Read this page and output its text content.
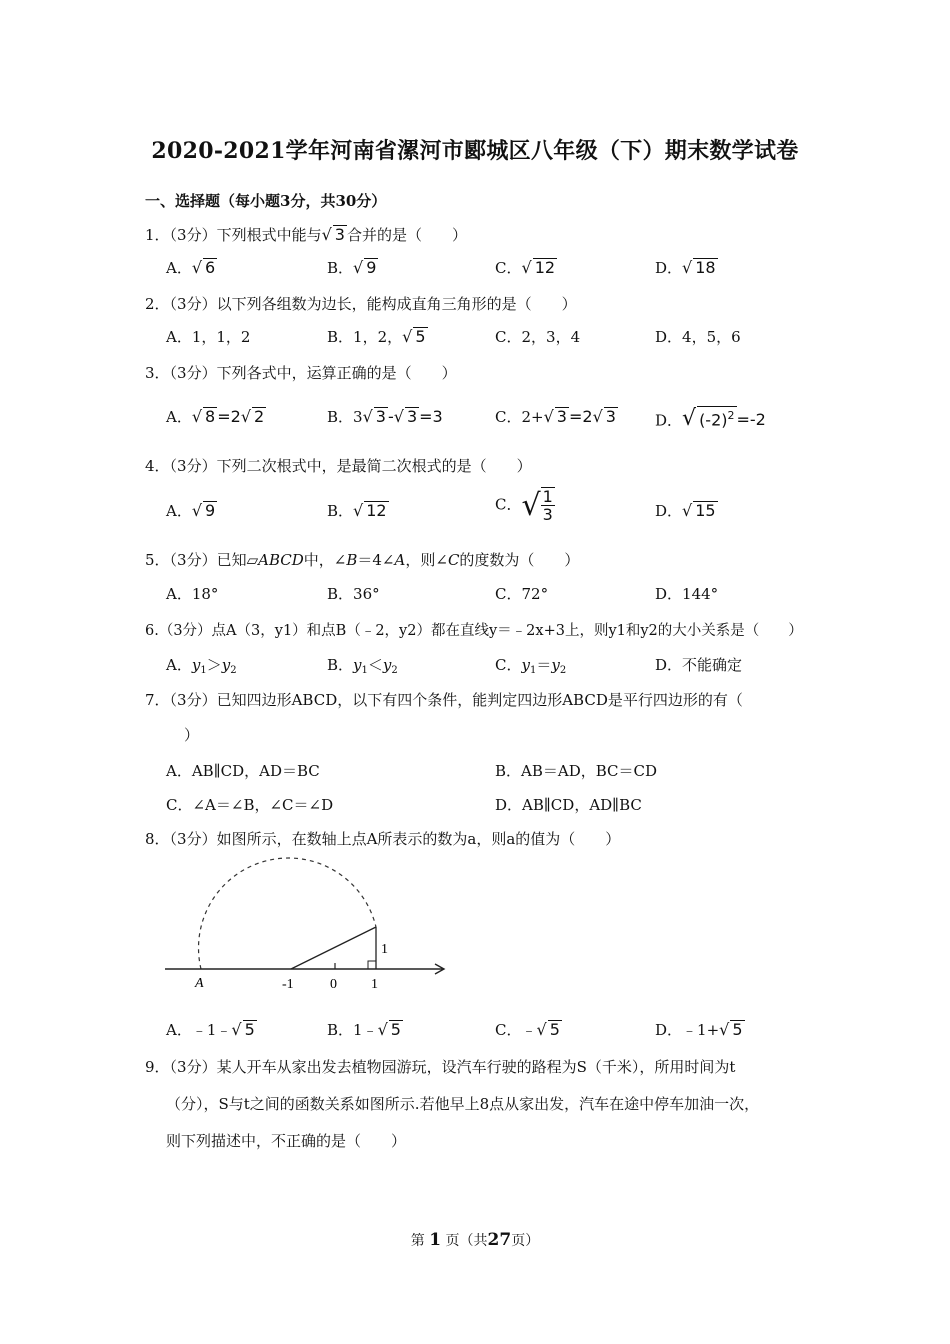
2020-2021学年河南省漯河市郾城区八年级（下）期末数学试卷
一、选择题（每小题3分，共30分）
1．（3分）下列根式中能与√ 3 合并的是（　　）
A．√ 6	B．√ 9	C．√ 12	D．√ 18
2．（3分）以下列各组数为边长，能构成直角三角形的是（　　）
A．1，1，2	B．1，2，√ 5	C．2，3，4	D．4，5，6
3．（3分）下列各式中，运算正确的是（　　）
A．√ 8 =2√ 2	B．3√ 3 -√ 3 =3	C．2+√ 3 =2√ 3	D．√ $(-2)^2 =-2$
4．（3分）下列二次根式中，是最简二次根式的是（　　）
A．√ 9	B．√ 12	C．√ $\frac{1}{3}$	D．√ 15
5．（3分）已知▱ABCD中，∠B＝4∠A，则∠C的度数为（　　）
A．18°	B．36°	C．72°	D．144°
6.（3分）点A（3，y1）和点B（﹣2，y2）都在直线y＝﹣2x+3上，则y1和y2的大小关系是（　　）
A．$y_1>y_2$	B．$y_1<y_2$	C．$y_1=y_2$	D．不能确定
7．（3分）已知四边形ABCD，以下有四个条件，能判定四边形ABCD是平行四边形的有（
）
A．AB∥CD，AD＝BC	B．AB＝AD，BC＝CD
C．∠A＝∠B，∠C＝∠D	D．AB∥CD，AD∥BC
8．（3分）如图所示，在数轴上点A所表示的数为a，则a的值为（　　）
A	-1	0 1
1
A．﹣1﹣√ 5	B．1﹣√ 5	C．﹣√ 5	D．﹣1+√ 5
9．（3分）某人开车从家出发去植物园游玩，设汽车行驶的路程为S（千米），所用时间为t
（分），S与t之间的函数关系如图所示.若他早上8点从家出发，汽车在途中停车加油一次，
则下列描述中，不正确的是（　　）
第 1 页（共27页）
